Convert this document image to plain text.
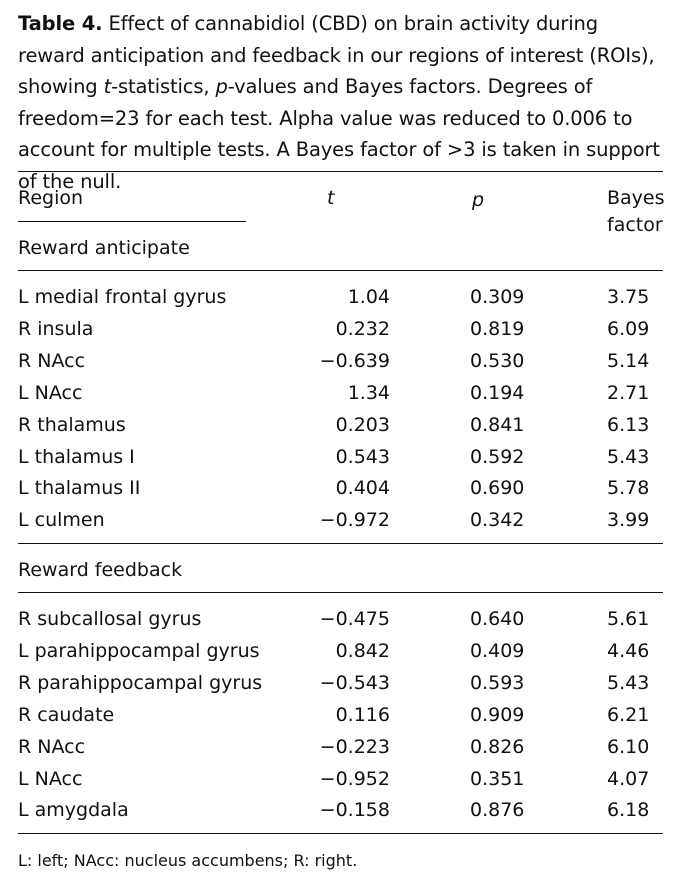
Table 4. Effect of cannabidiol (CBD) on brain activity during reward anticipation and feedback in our regions of interest (ROIs), showing t-statistics, p-values and Bayes factors. Degrees of freedom=23 for each test. Alpha value was reduced to 0.006 to account for multiple tests. A Bayes factor of >3 is taken in support of the null.
Region	t	p	Bayes
factor
Reward anticipate
L medial frontal gyrus	1.04	0.309	3.75
R insula	0.232	0.819	6.09
R NAcc	−0.639	0.530	5.14
L NAcc	1.34	0.194	2.71
R thalamus	0.203	0.841	6.13
L thalamus I	0.543	0.592	5.43
L thalamus II	0.404	0.690	5.78
L culmen	−0.972	0.342	3.99
Reward feedback
R subcallosal gyrus	−0.475	0.640	5.61
L parahippocampal gyrus	0.842	0.409	4.46
R parahippocampal gyrus	−0.543	0.593	5.43
R caudate	0.116	0.909	6.21
R NAcc	−0.223	0.826	6.10
L NAcc	−0.952	0.351	4.07
L amygdala	−0.158	0.876	6.18
L: left; NAcc: nucleus accumbens; R: right.
